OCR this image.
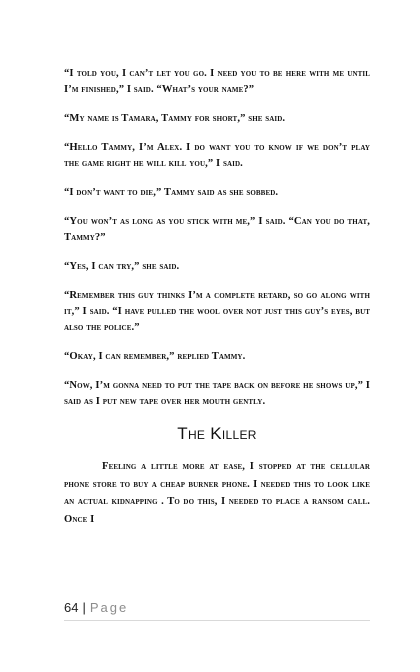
“I told you, I can’t let you go. I need you to be here with me until I’m finished,” I said. “What’s your name?”

“My name is Tamara, Tammy for short,” she said.

“Hello Tammy, I’m Alex. I do want you to know if we don’t play the game right he will kill you,” I said.

“I don’t want to die,” Tammy said as she sobbed.

“You won’t as long as you stick with me,” I said. “Can you do that, Tammy?”

“Yes, I can try,” she said.

“Remember this guy thinks I’m a complete retard, so go along with it,” I said. “I have pulled the wool over not just this guy’s eyes, but also the police.”

“Okay, I can remember,” replied Tammy.

“Now, I’m gonna need to put the tape back on before he shows up,” I said as I put new tape over her mouth gently.

The Killer

Feeling a little more at ease, I stopped at the cellular phone store to buy a cheap burner phone. I needed this to look like an actual kidnapping . To do this, I needed to place a ransom call. Once I

64 | Page
